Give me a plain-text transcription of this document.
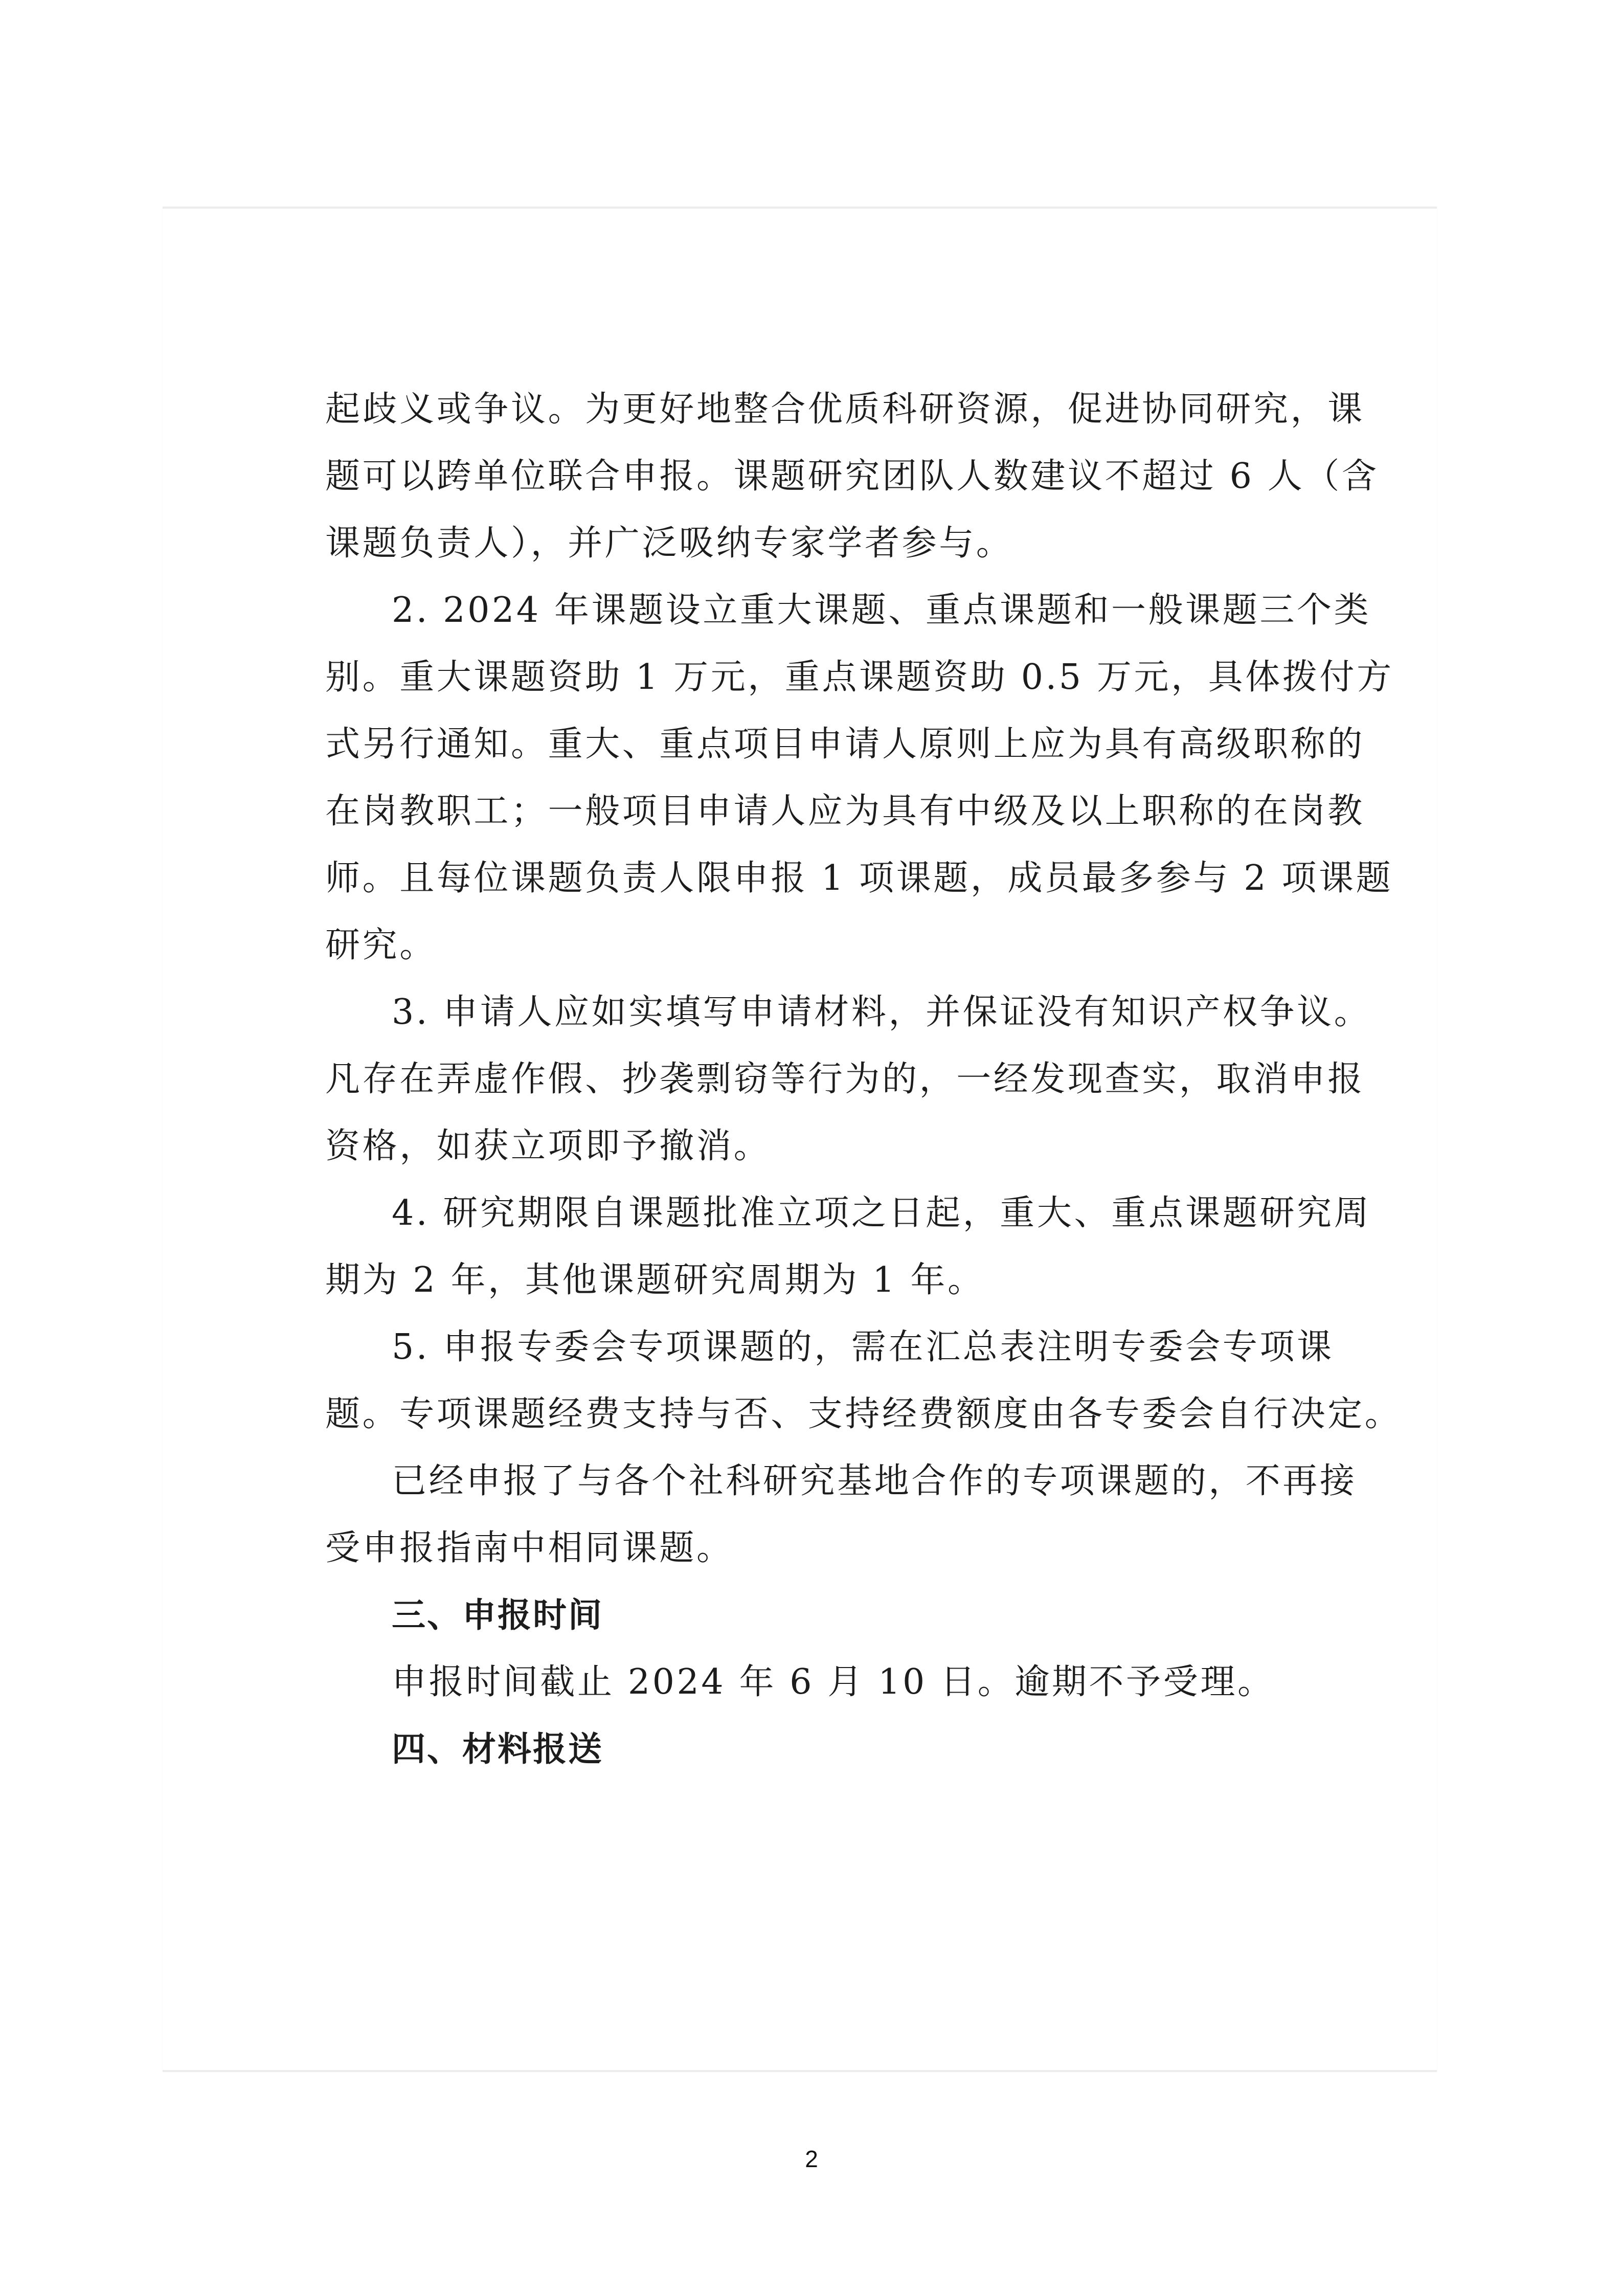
起歧义或争议。为更好地整合优质科研资源，促进协同研究，课
题可以跨单位联合申报。课题研究团队人数建议不超过 6 人（含
课题负责人），并广泛吸纳专家学者参与。
2. 2024 年课题设立重大课题、重点课题和一般课题三个类
别。重大课题资助 1 万元，重点课题资助 0.5 万元，具体拨付方
式另行通知。重大、重点项目申请人原则上应为具有高级职称的
在岗教职工；一般项目申请人应为具有中级及以上职称的在岗教
师。且每位课题负责人限申报 1 项课题，成员最多参与 2 项课题
研究。
3. 申请人应如实填写申请材料，并保证没有知识产权争议。
凡存在弄虚作假、抄袭剽窃等行为的，一经发现查实，取消申报
资格，如获立项即予撤消。
4. 研究期限自课题批准立项之日起，重大、重点课题研究周
期为 2 年，其他课题研究周期为 1 年。
5. 申报专委会专项课题的，需在汇总表注明专委会专项课
题。专项课题经费支持与否、支持经费额度由各专委会自行决定。
已经申报了与各个社科研究基地合作的专项课题的，不再接
受申报指南中相同课题。
三、申报时间
申报时间截止 2024 年 6 月 10 日。逾期不予受理。
四、材料报送
2
